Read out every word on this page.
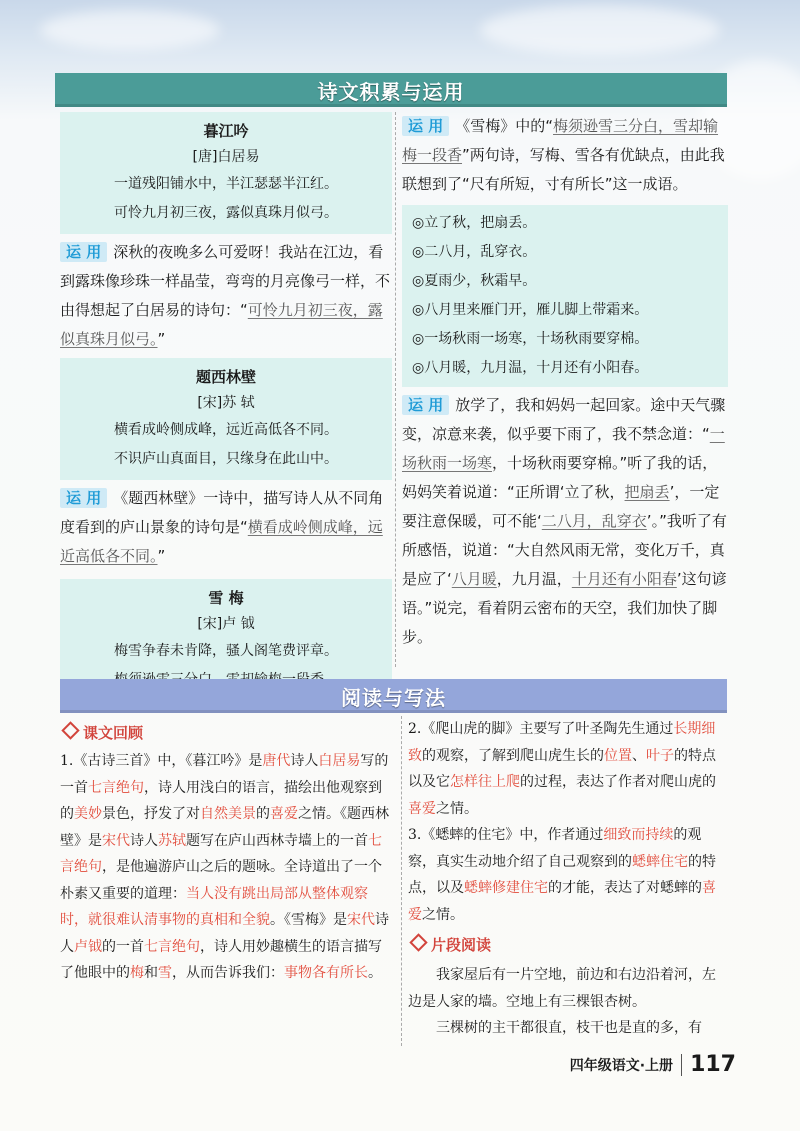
诗文积累与运用
暮江吟
[唐]白居易
一道残阳铺水中，半江瑟瑟半江红。
可怜九月初三夜，露似真珠月似弓。
运 用 深秋的夜晚多么可爱呀！我站在江边，看到露珠像珍珠一样晶莹，弯弯的月亮像弓一样，不由得想起了白居易的诗句：“可怜九月初三夜，露似真珠月似弓。”
题西林壁
[宋]苏 轼
横看成岭侧成峰，远近高低各不同。
不识庐山真面目，只缘身在此山中。
运 用 《题西林壁》一诗中，描写诗人从不同角度看到的庐山景象的诗句是“横看成岭侧成峰，远近高低各不同。”
雪 梅
[宋]卢 钺
梅雪争春未肯降，骚人阁笔费评章。
运 用 《雪梅》中的“梅须逊雪三分白，雪却输梅一段香”两句诗，写梅、雪各有优缺点，由此我联想到了“尺有所短，寸有所长”这一成语。
◎立了秋，把扇丢。
◎二八月，乱穿衣。
◎夏雨少，秋霜早。
◎八月里来雁门开，雁儿脚上带霜来。
◎一场秋雨一场寒，十场秋雨要穿棉。
◎八月暖，九月温，十月还有小阳春。
运 用 放学了，我和妈妈一起回家。途中天气骤变，凉意来袭，似乎要下雨了，我不禁念道：“一场秋雨一场寒，十场秋雨要穿棉。”听了我的话，妈妈笑着说道：“正所谓‘立了秋，把扇丢’，一定要注意保暖，可不能‘二八月，乱穿衣’。”我听了有所感悟，说道：“大自然风雨无常，变化万千，真是应了‘八月暖，九月温，十月还有小阳春’这句谚语。”说完，看着阴云密布的天空，我们加快了脚步。
阅读与写法
课文回顾
1.《古诗三首》中，《暮江吟》是唐代诗人白居易写的一首七言绝句，诗人用浅白的语言，描绘出他观察到的美妙景色，抒发了对自然美景的喜爱之情。《题西林壁》是宋代诗人苏轼题写在庐山西林寺墙上的一首七言绝句，是他遍游庐山之后的题咏。全诗道出了一个朴素又重要的道理：当人没有跳出局部从整体观察时，就很难认清事物的真相和全貌。《雪梅》是宋代诗人卢钺的一首七言绝句，诗人用妙趣横生的语言描写了他眼中的梅和雪，从而告诉我们：事物各有所长。
2.《爬山虎的脚》主要写了叶圣陶先生通过长期细致的观察，了解到爬山虎生长的位置、叶子的特点以及它怎样往上爬的过程，表达了作者对爬山虎的喜爱之情。
3.《蟋蟀的住宅》中，作者通过细致而持续的观察，真实生动地介绍了自己观察到的蟋蟀住宅的特点，以及蟋蟀修建住宅的才能，表达了对蟋蟀的喜爱之情。
片段阅读
我家屋后有一片空地，前边和右边沿着河，左边是人家的墙。空地上有三棵银杏树。
三棵树的主干都很直，枝干也是直的多，有
四年级语文·上册 117
